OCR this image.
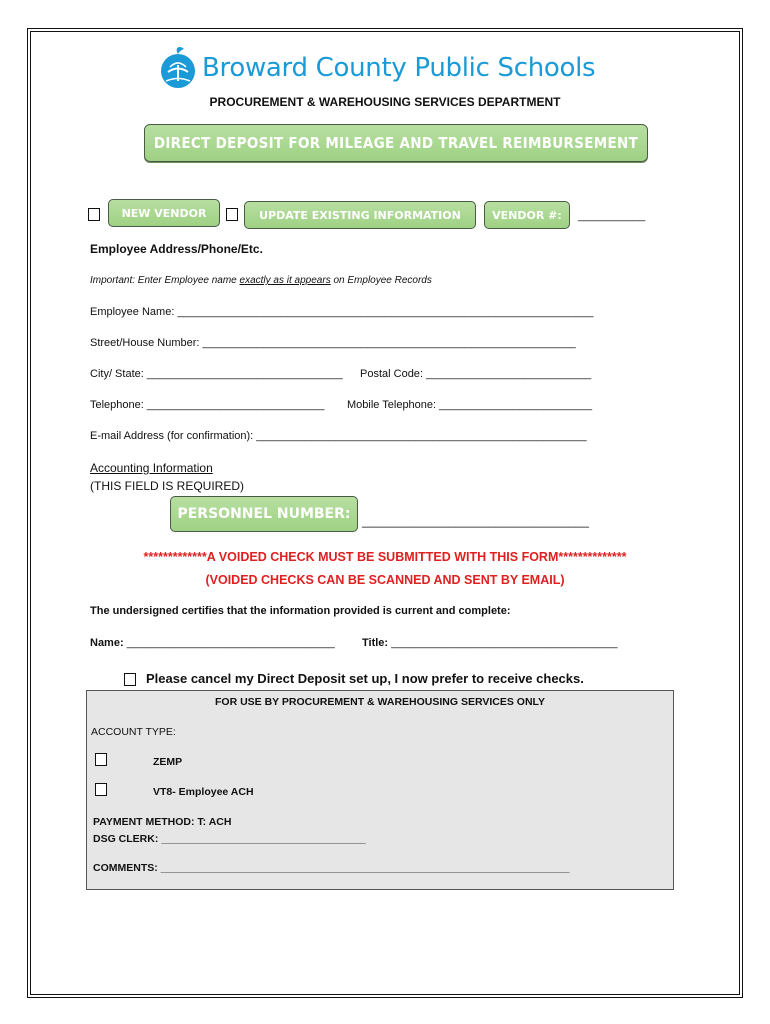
Broward County Public Schools
PROCUREMENT & WAREHOUSING SERVICES DEPARTMENT
DIRECT DEPOSIT FOR MILEAGE AND TRAVEL REIMBURSEMENT
NEW VENDOR	UPDATE EXISTING INFORMATION	VENDOR #:	___________
Employee Address/Phone/Etc.
Important: Enter Employee name exactly as it appears on Employee Records
Employee Name: ____________________________________________________________________
Street/House Number: _____________________________________________________________
City/ State: ________________________________ Postal Code: ___________________________
Telephone: _____________________________ Mobile Telephone: _________________________
E-mail Address (for confirmation): ______________________________________________________
Accounting Information
(THIS FIELD IS REQUIRED)
PERSONNEL NUMBER: __________________________________
*************A VOIDED CHECK MUST BE SUBMITTED WITH THIS FORM**************
(VOIDED CHECKS CAN BE SCANNED AND SENT BY EMAIL)
The undersigned certifies that the information provided is current and complete:
Name: __________________________________ Title: _____________________________________
Please cancel my Direct Deposit set up, I now prefer to receive checks.
FOR USE BY PROCUREMENT & WAREHOUSING SERVICES ONLY
ACCOUNT TYPE:
ZEMP
VT8- Employee ACH
PAYMENT METHOD: T: ACH
DSG CLERK: ___________________________________
COMMENTS: ______________________________________________________________________
